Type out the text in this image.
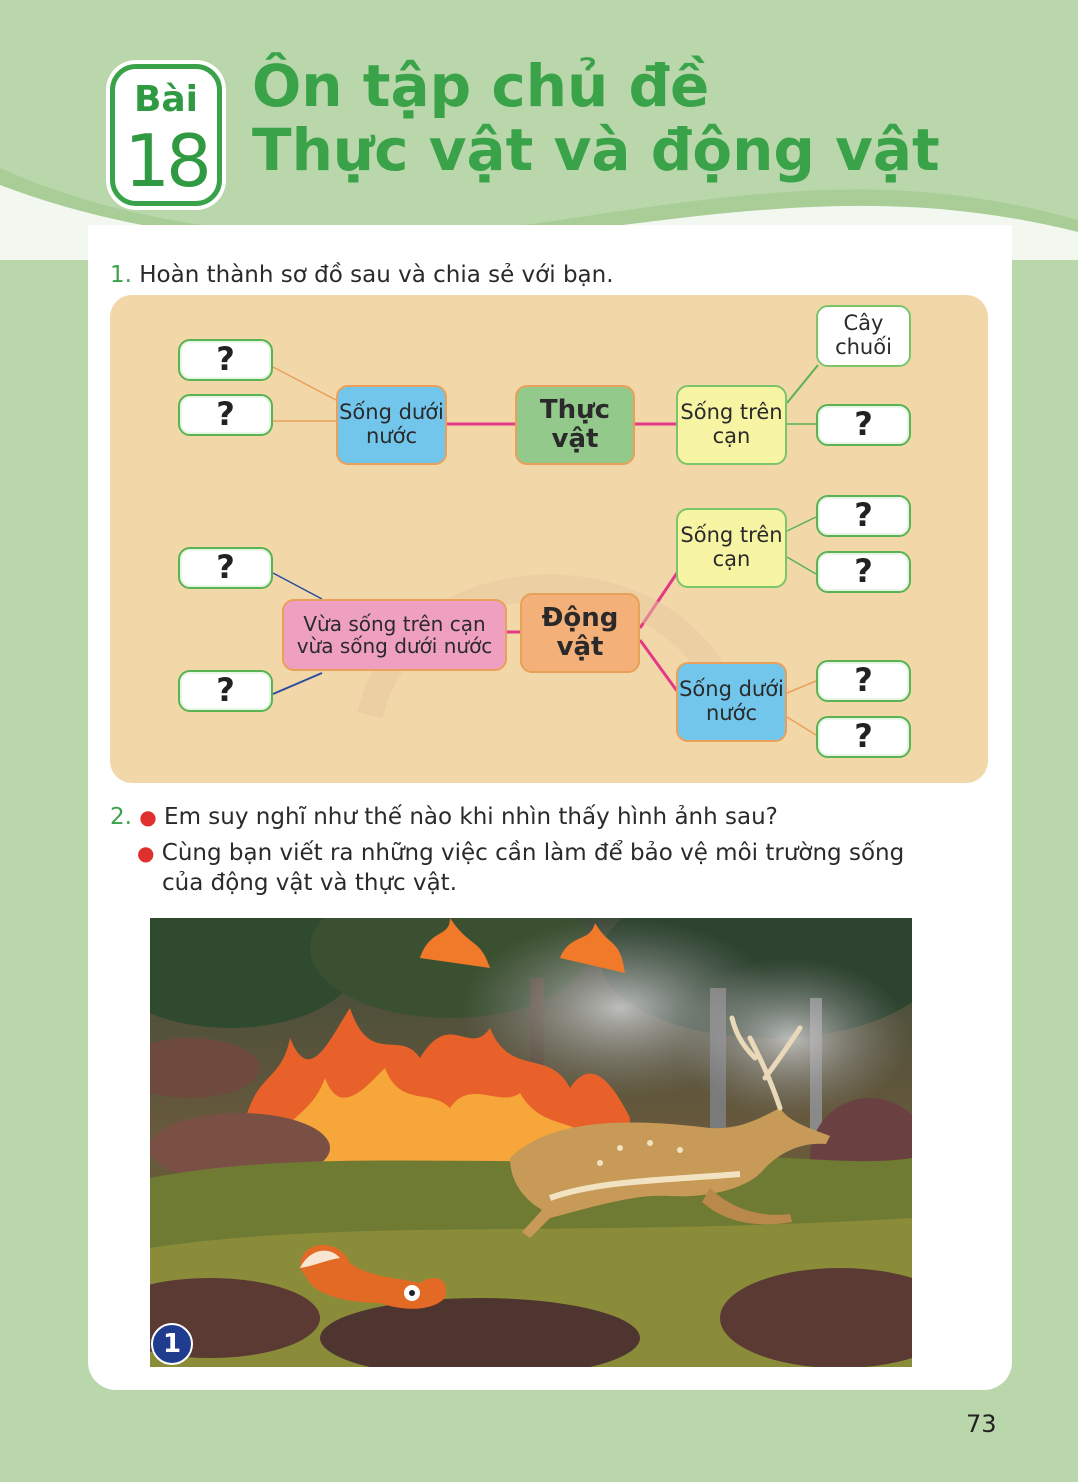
Bài
18
Ôn tập chủ đề
Thực vật và động vật
1. Hoàn thành sơ đồ sau và chia sẻ với bạn.
?
?	Sống dưới nước
Thực vật
Sống trên cạn
Cây chuối
?
?
?
Vừa sống trên cạn vừa sống dưới nước
Động vật
Sống trên cạn
?
?
Sống dưới nước
?
?
2. ● Em suy nghĩ như thế nào khi nhìn thấy hình ảnh sau?
● Cùng bạn viết ra những việc cần làm để bảo vệ môi trường sống
của động vật và thực vật.
1
73
